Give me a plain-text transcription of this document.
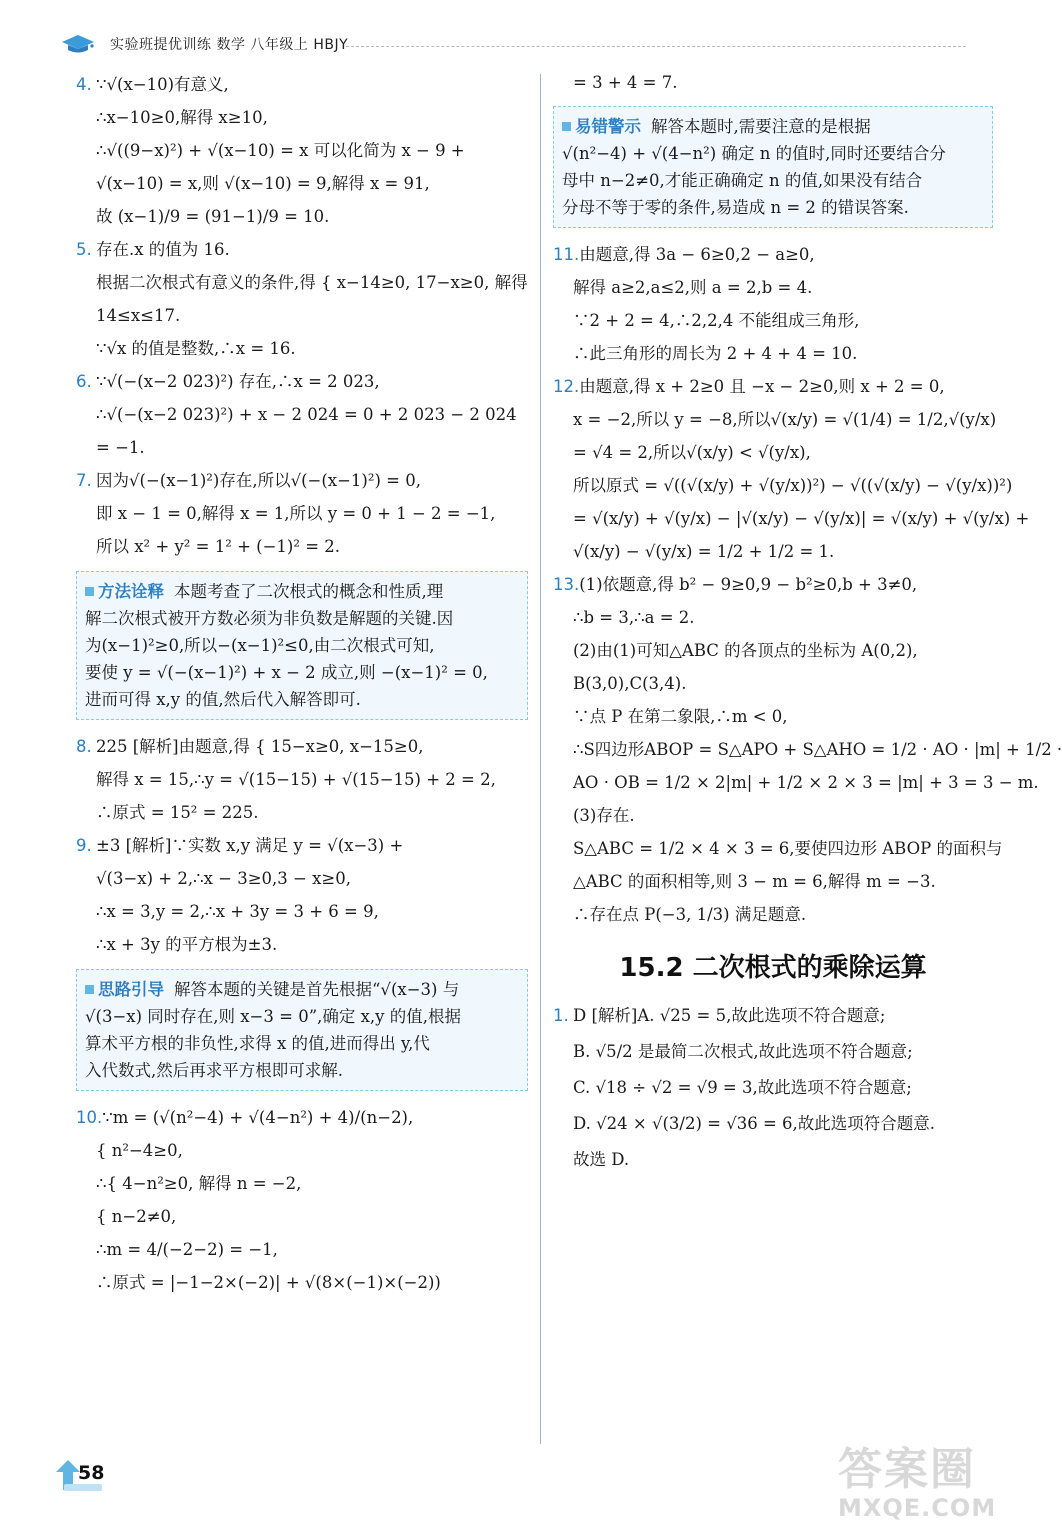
实验班提优训练 数学 八年级上 HBJY
4. ∵√(x−10)有意义,
∴x−10≥0,解得 x≥10,
∴√((9−x)²) + √(x−10) = x 可以化简为 x − 9 +
√(x−10) = x,则 √(x−10) = 9,解得 x = 91,
故 (x−1)/9 = (91−1)/9 = 10.
5. 存在.x 的值为 16.
根据二次根式有意义的条件,得 { x−14≥0, 17−x≥0, 解得
14≤x≤17.
∵√x 的值是整数,∴x = 16.
6. ∵√(−(x−2 023)²) 存在,∴x = 2 023,
∴√(−(x−2 023)²) + x − 2 024 = 0 + 2 023 − 2 024
= −1.
7. 因为√(−(x−1)²)存在,所以√(−(x−1)²) = 0,
即 x − 1 = 0,解得 x = 1,所以 y = 0 + 1 − 2 = −1,
所以 x² + y² = 1² + (−1)² = 2.
方法诠释 本题考查了二次根式的概念和性质,理
解二次根式被开方数必须为非负数是解题的关键.因
为(x−1)²≥0,所以−(x−1)²≤0,由二次根式可知,
要使 y = √(−(x−1)²) + x − 2 成立,则 −(x−1)² = 0,
进而可得 x,y 的值,然后代入解答即可.
8. 225 [解析]由题意,得 { 15−x≥0, x−15≥0,
解得 x = 15,∴y = √(15−15) + √(15−15) + 2 = 2,
∴原式 = 15² = 225.
9. ±3 [解析]∵实数 x,y 满足 y = √(x−3) +
√(3−x) + 2,∴x − 3≥0,3 − x≥0,
∴x = 3,y = 2,∴x + 3y = 3 + 6 = 9,
∴x + 3y 的平方根为±3.
思路引导 解答本题的关键是首先根据“√(x−3) 与
√(3−x) 同时存在,则 x−3 = 0”,确定 x,y 的值,根据
算术平方根的非负性,求得 x 的值,进而得出 y,代
入代数式,然后再求平方根即可求解.
10.∵m = (√(n²−4) + √(4−n²) + 4)/(n−2),
{ n²−4≥0,
∴{ 4−n²≥0, 解得 n = −2,
{ n−2≠0,
∴m = 4/(−2−2) = −1,
∴原式 = |−1−2×(−2)| + √(8×(−1)×(−2))
= 3 + 4 = 7.
易错警示 解答本题时,需要注意的是根据
√(n²−4) + √(4−n²) 确定 n 的值时,同时还要结合分
母中 n−2≠0,才能正确确定 n 的值,如果没有结合
分母不等于零的条件,易造成 n = 2 的错误答案.
11.由题意,得 3a − 6≥0,2 − a≥0,
解得 a≥2,a≤2,则 a = 2,b = 4.
∵2 + 2 = 4,∴2,2,4 不能组成三角形,
∴此三角形的周长为 2 + 4 + 4 = 10.
12.由题意,得 x + 2≥0 且 −x − 2≥0,则 x + 2 = 0,
x = −2,所以 y = −8,所以√(x/y) = √(1/4) = 1/2,√(y/x)
= √4 = 2,所以√(x/y) < √(y/x),
所以原式 = √((√(x/y) + √(y/x))²) − √((√(x/y) − √(y/x))²)
= √(x/y) + √(y/x) − |√(x/y) − √(y/x)| = √(x/y) + √(y/x) +
√(x/y) − √(y/x) = 1/2 + 1/2 = 1.
13.(1)依题意,得 b² − 9≥0,9 − b²≥0,b + 3≠0,
∴b = 3,∴a = 2.
(2)由(1)可知△ABC 的各顶点的坐标为 A(0,2),
B(3,0),C(3,4).
∵点 P 在第二象限,∴m < 0,
∴S四边形ABOP = S△APO + S△AHO = 1/2 · AO · |m| + 1/2 ·
AO · OB = 1/2 × 2|m| + 1/2 × 2 × 3 = |m| + 3 = 3 − m.
(3)存在.
S△ABC = 1/2 × 4 × 3 = 6,要使四边形 ABOP 的面积与
△ABC 的面积相等,则 3 − m = 6,解得 m = −3.
∴存在点 P(−3, 1/3) 满足题意.
15.2 二次根式的乘除运算
1. D [解析]A. √25 = 5,故此选项不符合题意;
B. √5/2 是最简二次根式,故此选项不符合题意;
C. √18 ÷ √2 = √9 = 3,故此选项不符合题意;
D. √24 × √(3/2) = √36 = 6,故此选项符合题意.
故选 D.
58	答案圈
MXQE.COM
